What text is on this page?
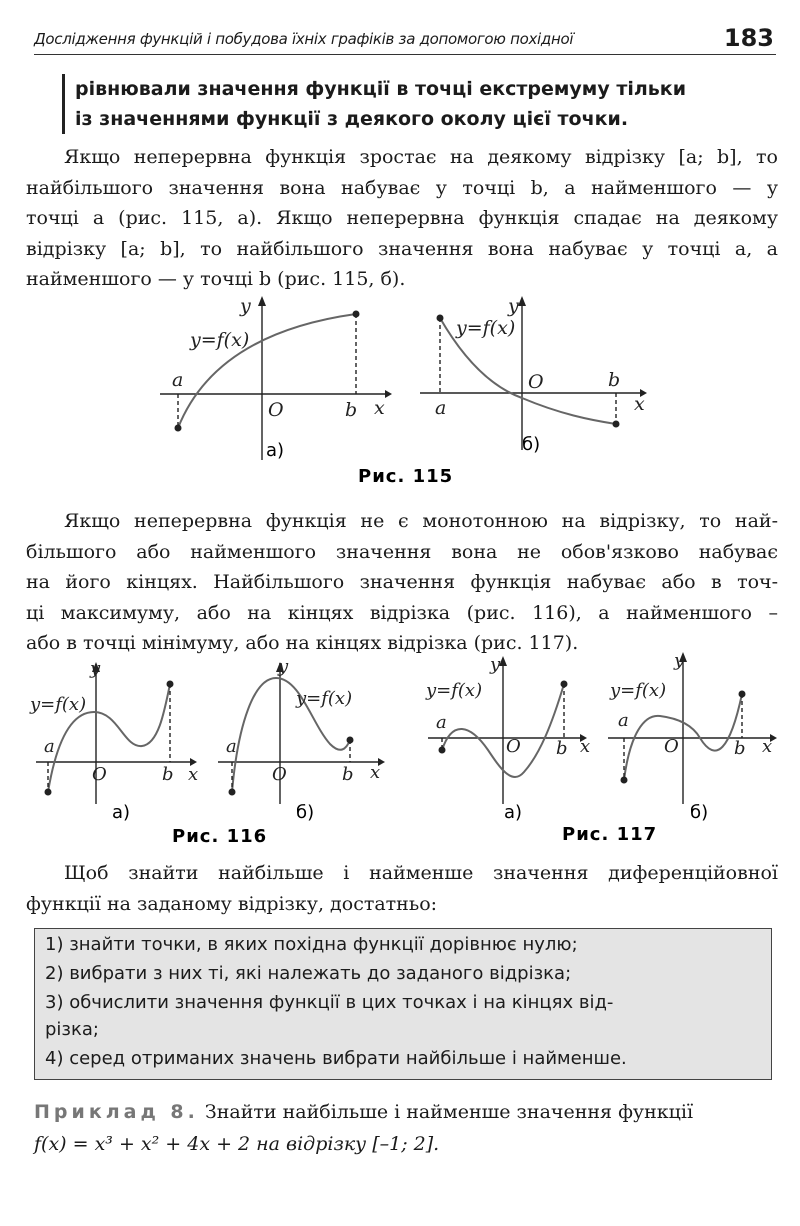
Дослідження функцій і побудова їхніх графіків за допомогою похідної	183

рівнювали значення функції в точці екстремуму тільки

із значеннями функції з деякого околу цієї точки.

Якщо неперервна функція зростає на деякому відрізку [a; b], то
найбільшого значення вона набуває у точці b, а найменшого — у
точці a (рис. 115, а). Якщо неперервна функція спадає на деякому
відрізку [a; b], то найбільшого значення вона набуває у точці a, а
найменшого — у точці b (рис. 115, б).
y
y=f(x)
a
O	b x
y
y=f(x)
O
a
b
x
а)	б)
Рис. 115
Якщо неперервна функція не є монотонною на відрізку, то най-
більшого або найменшого значення вона не обов'язково набуває
на його кінцях. Найбільшого значення функція набуває або в точ-
ці максимуму, або на кінцях відрізка (рис. 116), а найменшого –
або в точці мінімуму, або на кінцях відрізка (рис. 117).
y
y=f(x)
a
O	b x
y
y=f(x)
a
O	b x
y
y=f(x)
a
O b x
y
y=f(x)
a
O	b x
а)	б)	а)	б)
Рис. 116	Рис. 117
Щоб знайти найбільше і найменше значення диференційовної
функції на заданому відрізку, достатньо:
1) знайти точки, в яких похідна функції дорівнює нулю;
2) вибрати з них ті, які належать до заданого відрізка;
3) обчислити значення функції в цих точках і на кінцях від-
різка;
4) серед отриманих значень вибрати найбільше і найменше.
Приклад 8. Знайти найбільше і найменше значення функції
f(x) = x³ + x² + 4x + 2 на відрізку [–1; 2].
